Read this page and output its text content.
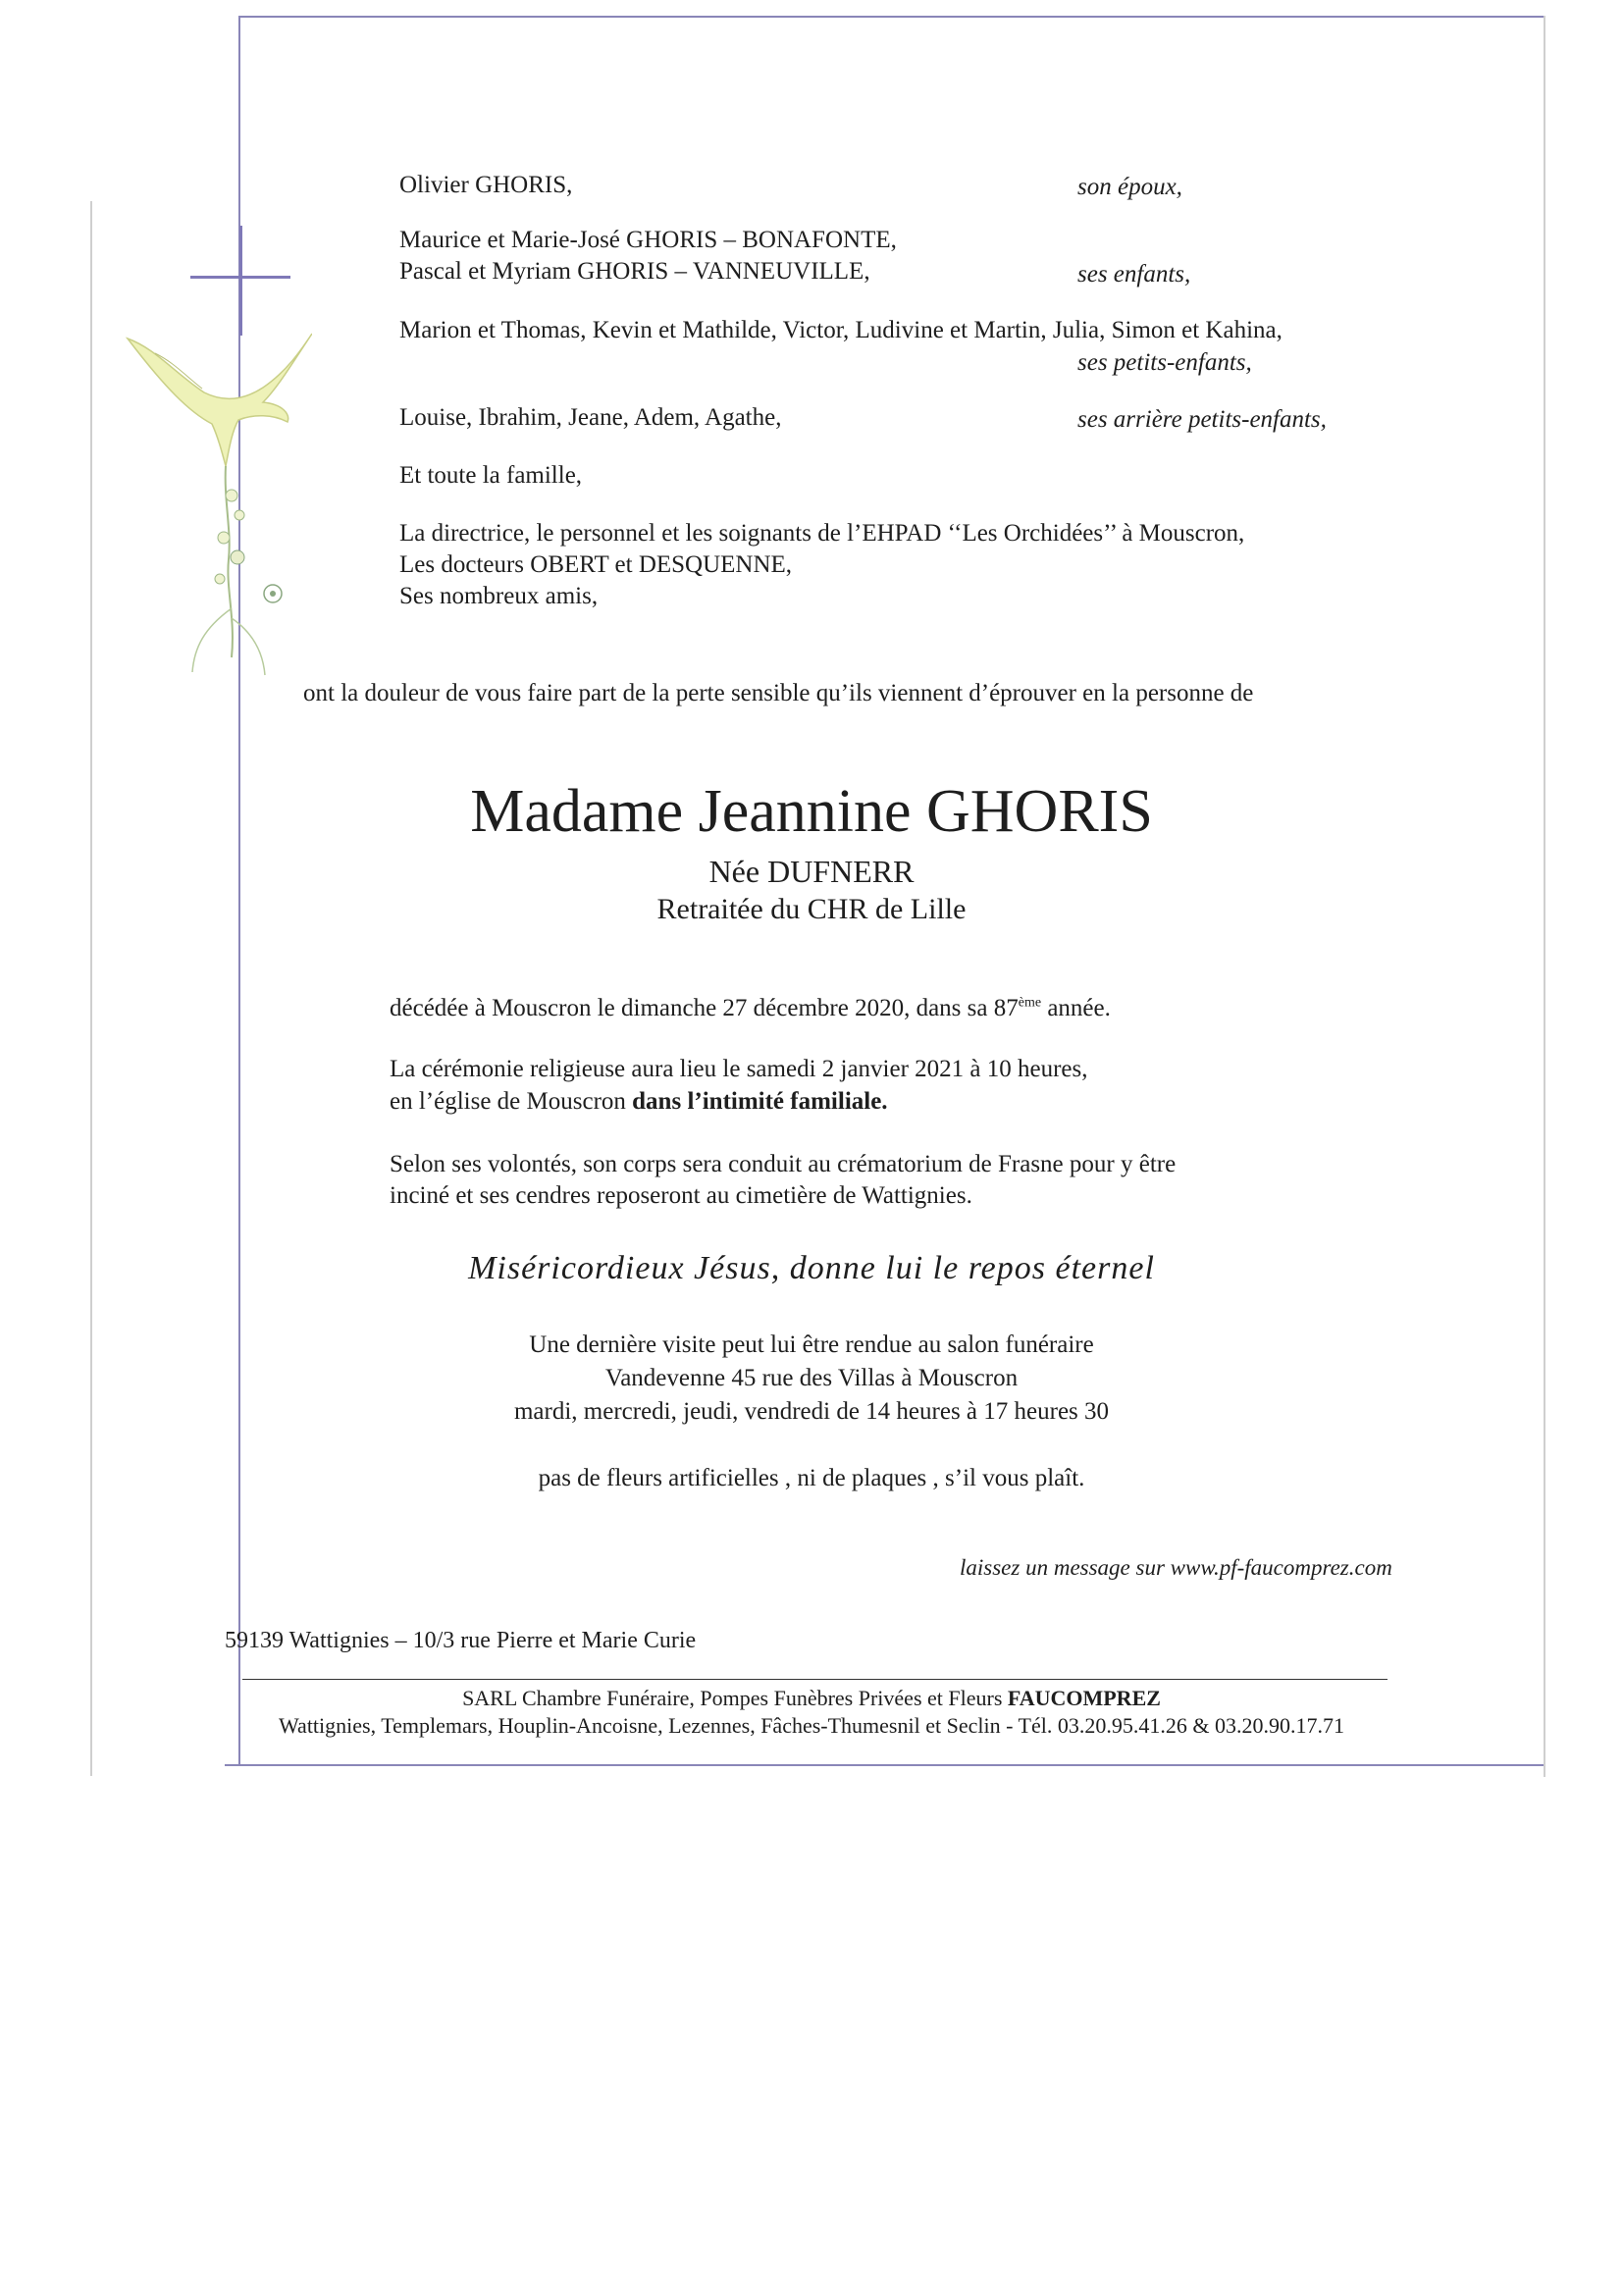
Olivier GHORIS,	son époux,
Maurice et Marie-José GHORIS – BONAFONTE,
Pascal et Myriam GHORIS – VANNEUVILLE,	ses enfants,
Marion et Thomas, Kevin et Mathilde, Victor, Ludivine et Martin, Julia, Simon et Kahina,
ses petits-enfants,
Louise, Ibrahim, Jeane, Adem, Agathe,	ses arrière petits-enfants,
Et toute la famille,
La directrice, le personnel et les soignants de l’EHPAD ‘‘Les Orchidées’’ à Mouscron,
Les docteurs OBERT et DESQUENNE,
Ses nombreux amis,
ont la douleur de vous faire part de la perte sensible qu’ils viennent d’éprouver en la personne de
Madame Jeannine GHORIS
Née DUFNERR
Retraitée du CHR de Lille
décédée à Mouscron le dimanche 27 décembre 2020, dans sa 87ème année.
La cérémonie religieuse aura lieu le samedi 2 janvier 2021 à 10 heures,
en l’église de Mouscron dans l’intimité familiale.
Selon ses volontés, son corps sera conduit au crématorium de Frasne pour y être
inciné et ses cendres reposeront au cimetière de Wattignies.
Miséricordieux Jésus, donne lui le repos éternel
Une dernière visite peut lui être rendue au salon funéraire
Vandevenne 45 rue des Villas à Mouscron
mardi, mercredi, jeudi, vendredi de 14 heures à 17 heures 30
pas de fleurs artificielles , ni de plaques , s’il vous plaît.
laissez un message sur www.pf-faucomprez.com
59139 Wattignies – 10/3 rue Pierre et Marie Curie
SARL Chambre Funéraire, Pompes Funèbres Privées et Fleurs FAUCOMPREZ
Wattignies, Templemars, Houplin-Ancoisne, Lezennes, Fâches-Thumesnil et Seclin - Tél. 03.20.95.41.26 & 03.20.90.17.71
